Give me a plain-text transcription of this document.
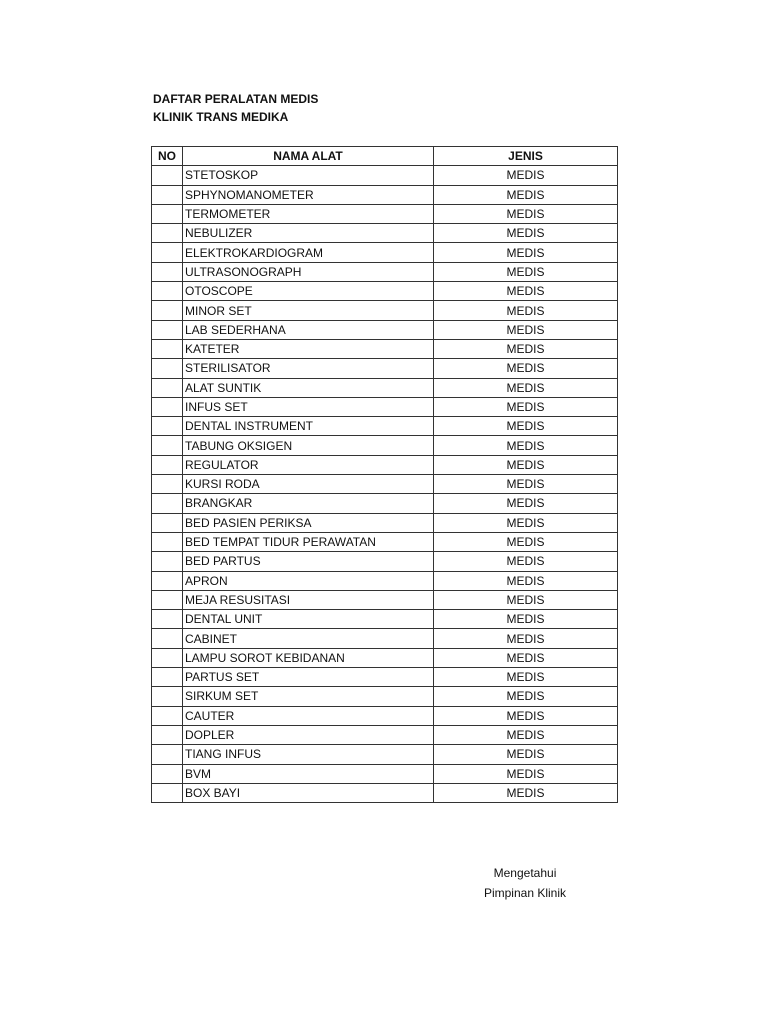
DAFTAR PERALATAN MEDIS
KLINIK TRANS MEDIKA
NO	NAMA ALAT	JENIS
	STETOSKOP	MEDIS
	SPHYNOMANOMETER	MEDIS
	TERMOMETER	MEDIS
	NEBULIZER	MEDIS
	ELEKTROKARDIOGRAM	MEDIS
	ULTRASONOGRAPH	MEDIS
	OTOSCOPE	MEDIS
	MINOR SET	MEDIS
	LAB SEDERHANA	MEDIS
	KATETER	MEDIS
	STERILISATOR	MEDIS
	ALAT SUNTIK	MEDIS
	INFUS SET	MEDIS
	DENTAL INSTRUMENT	MEDIS
	TABUNG OKSIGEN	MEDIS
	REGULATOR	MEDIS
	KURSI RODA	MEDIS
	BRANGKAR	MEDIS
	BED PASIEN PERIKSA	MEDIS
	BED TEMPAT TIDUR PERAWATAN	MEDIS
	BED PARTUS	MEDIS
	APRON	MEDIS
	MEJA RESUSITASI	MEDIS
	DENTAL UNIT	MEDIS
	CABINET	MEDIS
	LAMPU SOROT KEBIDANAN	MEDIS
	PARTUS SET	MEDIS
	SIRKUM SET	MEDIS
	CAUTER	MEDIS
	DOPLER	MEDIS
	TIANG INFUS	MEDIS
	BVM	MEDIS
	BOX BAYI	MEDIS
Mengetahui
Pimpinan Klinik
